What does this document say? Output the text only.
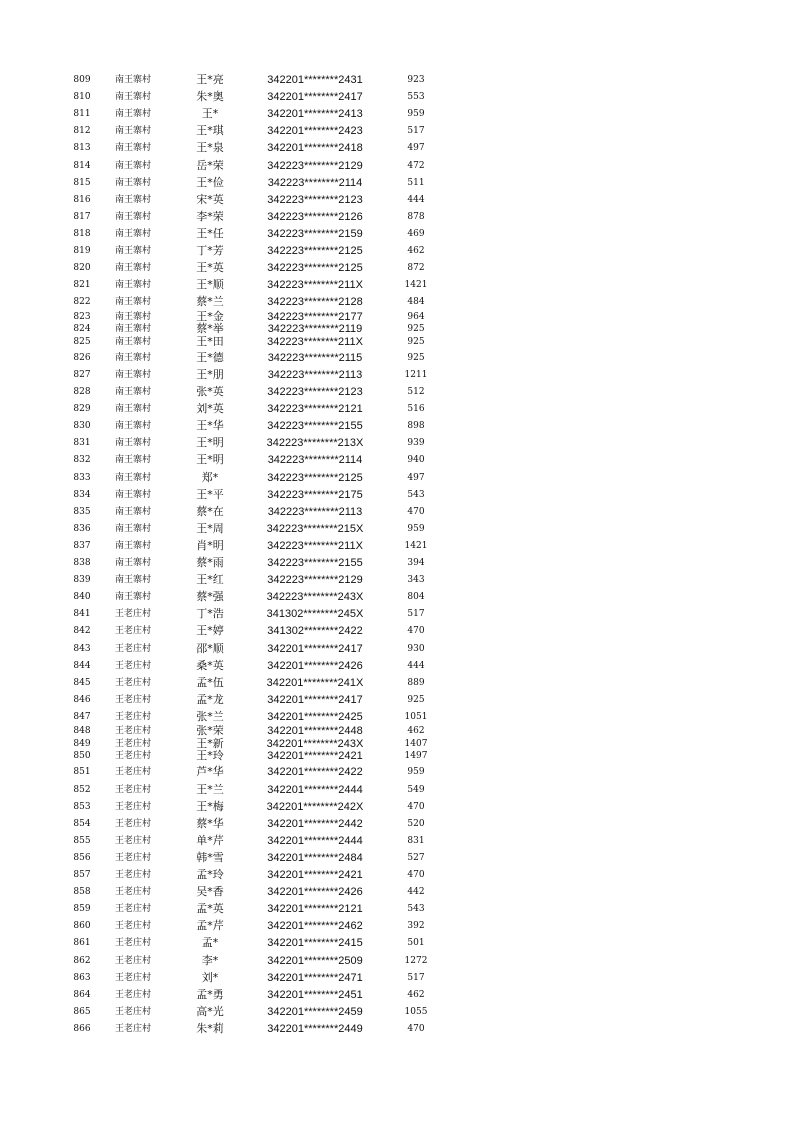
809	南王寨村	王*亮	342201********2431	923
810	南王寨村	朱*奥	342201********2417	553
811	南王寨村	王*	342201********2413	959
812	南王寨村	王*琪	342201********2423	517
813	南王寨村	王*泉	342201********2418	497
814	南王寨村	岳*荣	342223********2129	472
815	南王寨村	王*俭	342223********2114	511
816	南王寨村	宋*英	342223********2123	444
817	南王寨村	李*荣	342223********2126	878
818	南王寨村	王*任	342223********2159	469
819	南王寨村	丁*芳	342223********2125	462
820	南王寨村	王*英	342223********2125	872
821	南王寨村	王*顺	342223********211X	1421
822	南王寨村	蔡*兰	342223********2128	484
823	南王寨村	王*金	342223********2177	964
824	南王寨村	蔡*举	342223********2119	925
825	南王寨村	王*田	342223********211X	925
826	南王寨村	王*德	342223********2115	925
827	南王寨村	王*朋	342223********2113	1211
828	南王寨村	张*英	342223********2123	512
829	南王寨村	刘*英	342223********2121	516
830	南王寨村	王*华	342223********2155	898
831	南王寨村	王*明	342223********213X	939
832	南王寨村	王*明	342223********2114	940
833	南王寨村	郑*	342223********2125	497
834	南王寨村	王*平	342223********2175	543
835	南王寨村	蔡*在	342223********2113	470
836	南王寨村	王*周	342223********215X	959
837	南王寨村	肖*明	342223********211X	1421
838	南王寨村	蔡*雨	342223********2155	394
839	南王寨村	王*红	342223********2129	343
840	南王寨村	蔡*强	342223********243X	804
841	王老庄村	丁*浩	341302********245X	517
842	王老庄村	王*婷	341302********2422	470
843	王老庄村	邵*顺	342201********2417	930
844	王老庄村	桑*英	342201********2426	444
845	王老庄村	孟*伍	342201********241X	889
846	王老庄村	孟*龙	342201********2417	925
847	王老庄村	张*兰	342201********2425	1051
848	王老庄村	张*荣	342201********2448	462
849	王老庄村	王*新	342201********243X	1407
850	王老庄村	王*玲	342201********2421	1497
851	王老庄村	芦*华	342201********2422	959
852	王老庄村	王*兰	342201********2444	549
853	王老庄村	王*梅	342201********242X	470
854	王老庄村	蔡*华	342201********2442	520
855	王老庄村	单*芹	342201********2444	831
856	王老庄村	韩*雪	342201********2484	527
857	王老庄村	孟*玲	342201********2421	470
858	王老庄村	吴*香	342201********2426	442
859	王老庄村	孟*英	342201********2121	543
860	王老庄村	孟*芹	342201********2462	392
861	王老庄村	孟*	342201********2415	501
862	王老庄村	李*	342201********2509	1272
863	王老庄村	刘*	342201********2471	517
864	王老庄村	孟*勇	342201********2451	462
865	王老庄村	高*光	342201********2459	1055
866	王老庄村	朱*莉	342201********2449	470
